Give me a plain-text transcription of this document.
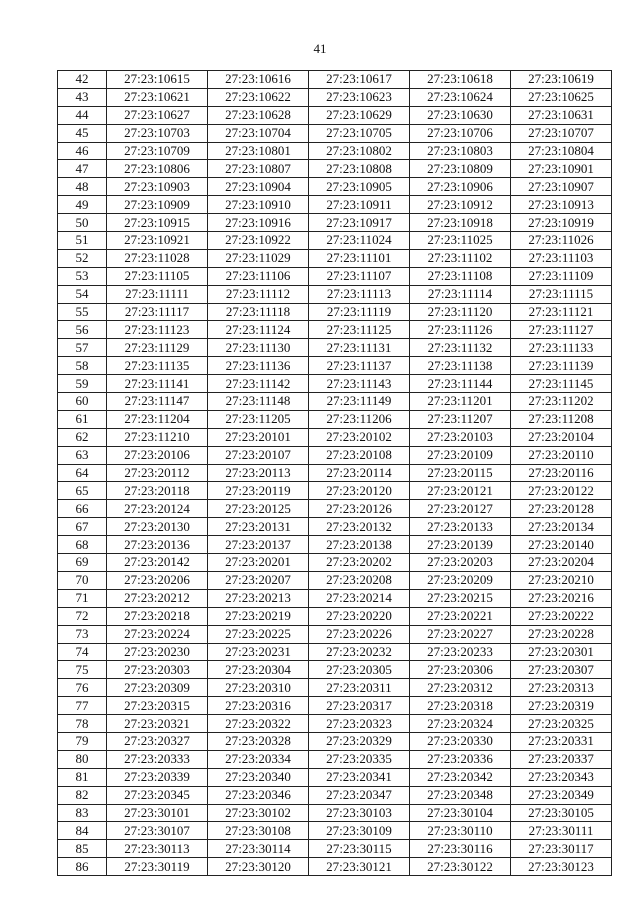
41
42	27:23:10615	27:23:10616	27:23:10617	27:23:10618	27:23:10619
43	27:23:10621	27:23:10622	27:23:10623	27:23:10624	27:23:10625
44	27:23:10627	27:23:10628	27:23:10629	27:23:10630	27:23:10631
45	27:23:10703	27:23:10704	27:23:10705	27:23:10706	27:23:10707
46	27:23:10709	27:23:10801	27:23:10802	27:23:10803	27:23:10804
47	27:23:10806	27:23:10807	27:23:10808	27:23:10809	27:23:10901
48	27:23:10903	27:23:10904	27:23:10905	27:23:10906	27:23:10907
49	27:23:10909	27:23:10910	27:23:10911	27:23:10912	27:23:10913
50	27:23:10915	27:23:10916	27:23:10917	27:23:10918	27:23:10919
51	27:23:10921	27:23:10922	27:23:11024	27:23:11025	27:23:11026
52	27:23:11028	27:23:11029	27:23:11101	27:23:11102	27:23:11103
53	27:23:11105	27:23:11106	27:23:11107	27:23:11108	27:23:11109
54	27:23:11111	27:23:11112	27:23:11113	27:23:11114	27:23:11115
55	27:23:11117	27:23:11118	27:23:11119	27:23:11120	27:23:11121
56	27:23:11123	27:23:11124	27:23:11125	27:23:11126	27:23:11127
57	27:23:11129	27:23:11130	27:23:11131	27:23:11132	27:23:11133
58	27:23:11135	27:23:11136	27:23:11137	27:23:11138	27:23:11139
59	27:23:11141	27:23:11142	27:23:11143	27:23:11144	27:23:11145
60	27:23:11147	27:23:11148	27:23:11149	27:23:11201	27:23:11202
61	27:23:11204	27:23:11205	27:23:11206	27:23:11207	27:23:11208
62	27:23:11210	27:23:20101	27:23:20102	27:23:20103	27:23:20104
63	27:23:20106	27:23:20107	27:23:20108	27:23:20109	27:23:20110
64	27:23:20112	27:23:20113	27:23:20114	27:23:20115	27:23:20116
65	27:23:20118	27:23:20119	27:23:20120	27:23:20121	27:23:20122
66	27:23:20124	27:23:20125	27:23:20126	27:23:20127	27:23:20128
67	27:23:20130	27:23:20131	27:23:20132	27:23:20133	27:23:20134
68	27:23:20136	27:23:20137	27:23:20138	27:23:20139	27:23:20140
69	27:23:20142	27:23:20201	27:23:20202	27:23:20203	27:23:20204
70	27:23:20206	27:23:20207	27:23:20208	27:23:20209	27:23:20210
71	27:23:20212	27:23:20213	27:23:20214	27:23:20215	27:23:20216
72	27:23:20218	27:23:20219	27:23:20220	27:23:20221	27:23:20222
73	27:23:20224	27:23:20225	27:23:20226	27:23:20227	27:23:20228
74	27:23:20230	27:23:20231	27:23:20232	27:23:20233	27:23:20301
75	27:23:20303	27:23:20304	27:23:20305	27:23:20306	27:23:20307
76	27:23:20309	27:23:20310	27:23:20311	27:23:20312	27:23:20313
77	27:23:20315	27:23:20316	27:23:20317	27:23:20318	27:23:20319
78	27:23:20321	27:23:20322	27:23:20323	27:23:20324	27:23:20325
79	27:23:20327	27:23:20328	27:23:20329	27:23:20330	27:23:20331
80	27:23:20333	27:23:20334	27:23:20335	27:23:20336	27:23:20337
81	27:23:20339	27:23:20340	27:23:20341	27:23:20342	27:23:20343
82	27:23:20345	27:23:20346	27:23:20347	27:23:20348	27:23:20349
83	27:23:30101	27:23:30102	27:23:30103	27:23:30104	27:23:30105
84	27:23:30107	27:23:30108	27:23:30109	27:23:30110	27:23:30111
85	27:23:30113	27:23:30114	27:23:30115	27:23:30116	27:23:30117
86	27:23:30119	27:23:30120	27:23:30121	27:23:30122	27:23:30123
